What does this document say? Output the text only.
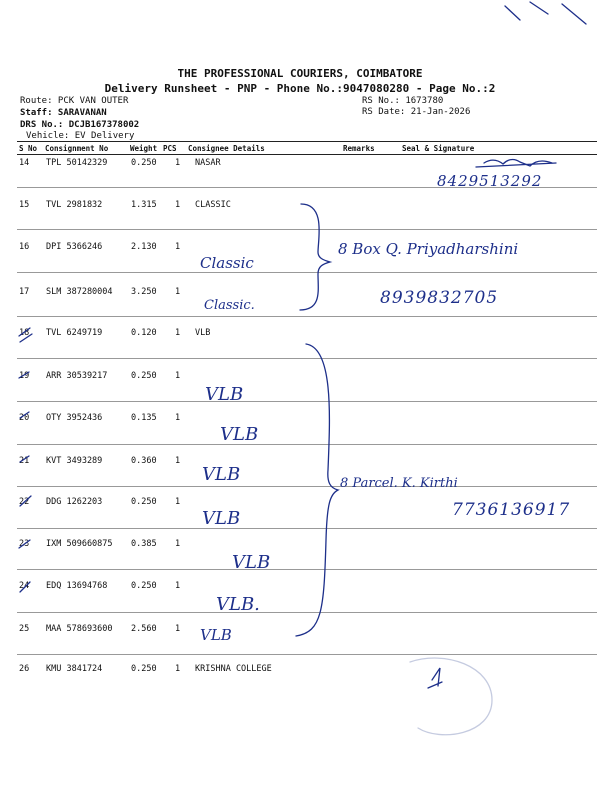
THE PROFESSIONAL COURIERS, COIMBATORE
Delivery Runsheet - PNP - Phone No.:9047080280 - Page No.:2
Route: PCK VAN OUTER
Staff: SARAVANAN
DRS No.: DCJB167378002
Vehicle: EV Delivery
RS No.: 1673780
RS Date: 21-Jan-2026
S No Consignment No	Weight PCS Consignee Details	Remarks	Seal & Signature
14 TPL 50142329	0.250 1 NASAR
15 TVL 2981832	1.315 1 CLASSIC
16 DPI 5366246	2.130 1
17 SLM 387280004 3.250 1
18 TVL 6249719	0.120 1 VLB
19 ARR 30539217	0.250 1
20 OTY 3952436	0.135 1
21 KVT 3493289	0.360 1
22 DDG 1262203	0.250 1
23 IXM 509660875 0.385 1
24 EDQ 13694768	0.250 1
25 MAA 578693600 2.560 1
26 KMU 3841724	0.250 1 KRISHNA COLLEGE
8429513292
Classic
Classic.
8 Box Q. Priyadharshini
8939832705
VLB
VLB
VLB
VLB
VLB
VLB.
VLB
8 Parcel. K. Kirthi
7736136917
